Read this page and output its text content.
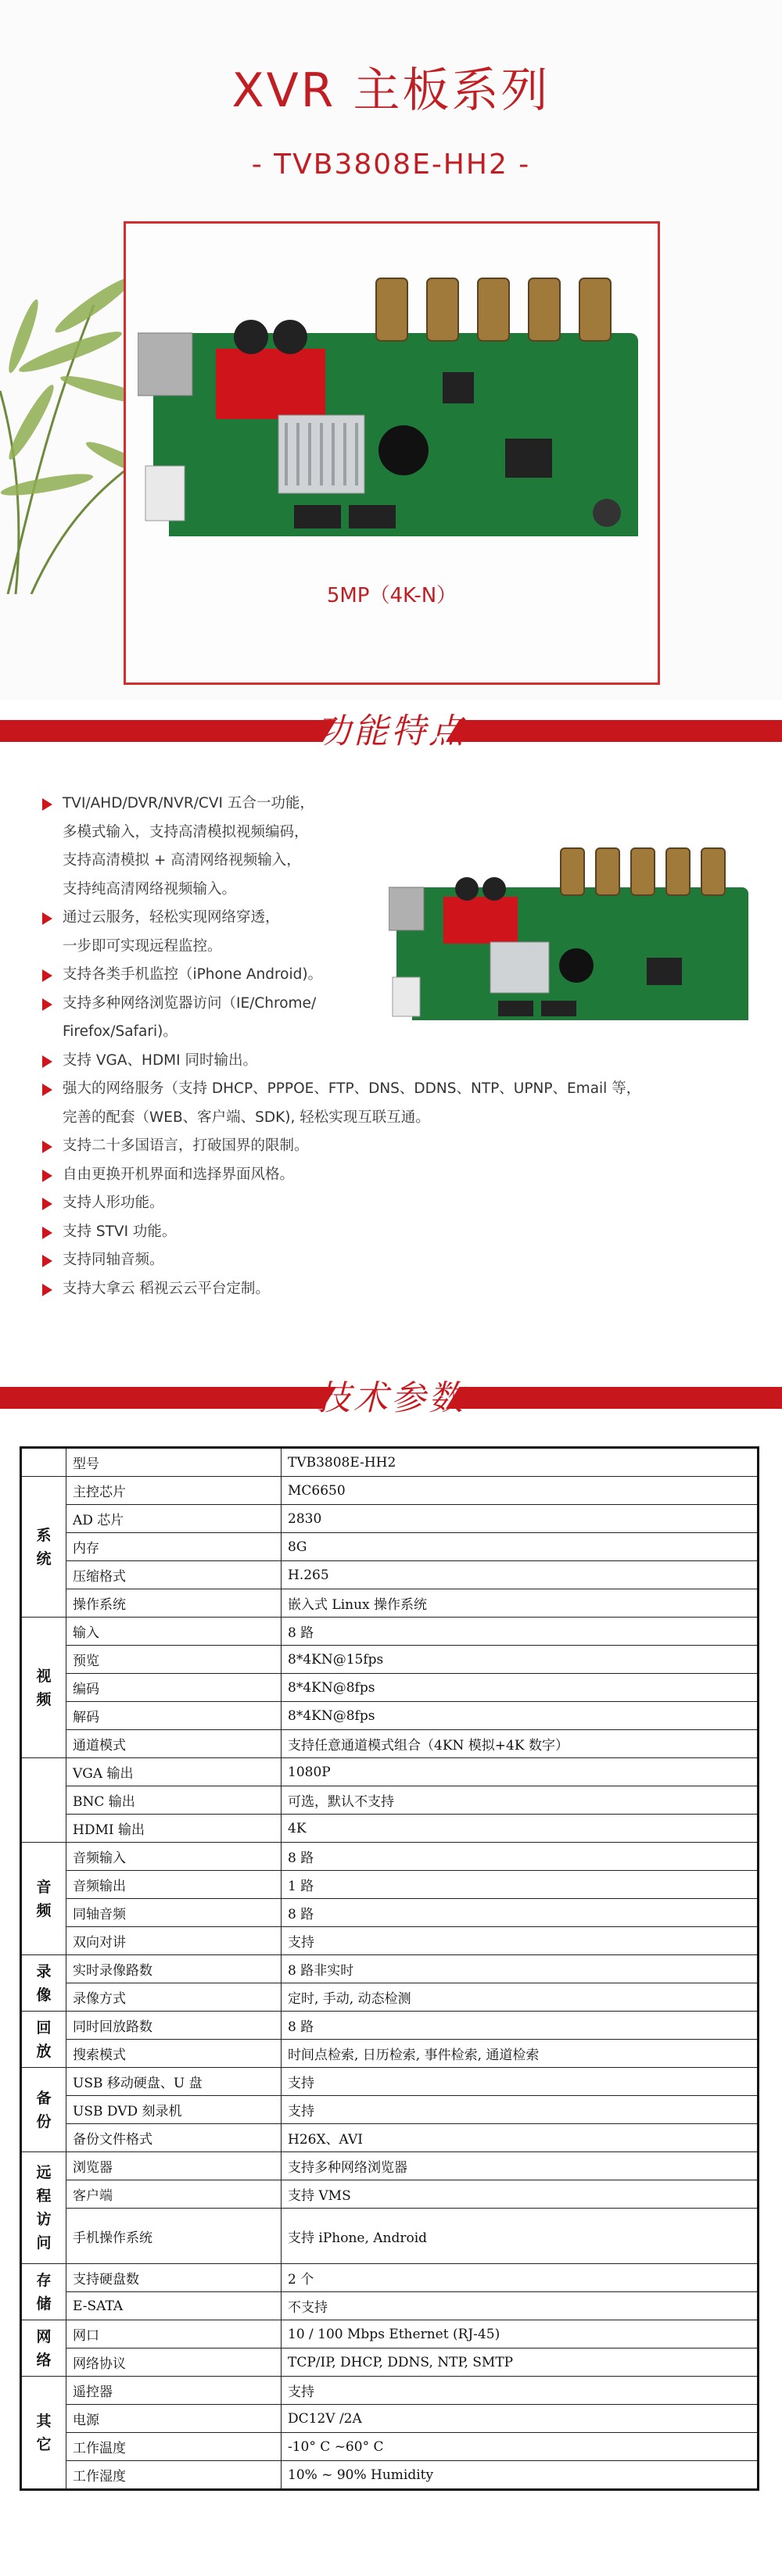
XVR 主板系列
- TVB3808E-HH2 -
5MP（4K-N）
功能特点
TVI/AHD/DVR/NVR/CVI 五合一功能，
多模式输入，支持高清模拟视频编码，
支持高清模拟 + 高清网络视频输入，
支持纯高清网络视频输入。
通过云服务，轻松实现网络穿透，
一步即可实现远程监控。
支持各类手机监控（iPhone Android)。
支持多种网络浏览器访问（IE/Chrome/
Firefox/Safari)。
支持 VGA、HDMI 同时输出。
强大的网络服务（支持 DHCP、PPPOE、FTP、DNS、DDNS、NTP、UPNP、Email 等，
完善的配套（WEB、客户端、SDK), 轻松实现互联互通。
支持二十多国语言，打破国界的限制。
自由更换开机界面和选择界面风格。
支持人形功能。
支持 STVI 功能。
支持同轴音频。
支持大拿云 稻视云云平台定制。
技术参数
	型号	TVB3808E-HH2
系统	主控芯片	MC6650
	AD 芯片	2830
	内存	8G
	压缩格式	H.265
	操作系统	嵌入式 Linux 操作系统
视频	输入	8 路
	预览	8*4KN@15fps
	编码	8*4KN@8fps
	解码	8*4KN@8fps
	通道模式	支持任意通道模式组合（4KN 模拟+4K 数字）
	VGA 输出	1080P
	BNC 输出	可选，默认不支持
	HDMI 输出	4K
音频	音频输入	8 路
	音频输出	1 路
	同轴音频	8 路
	双向对讲	支持
录像	实时录像路数	8 路非实时
	录像方式	定时, 手动, 动态检测
回放	同时回放路数	8 路
	搜索模式	时间点检索, 日历检索, 事件检索, 通道检索
备份	USB 移动硬盘、U 盘	支持
	USB DVD 刻录机	支持
	备份文件格式	H26X、AVI
远程访问	浏览器	支持多种网络浏览器
	客户端	支持 VMS
	手机操作系统	支持 iPhone, Android
存储	支持硬盘数	2 个
	E-SATA	不支持
网络	网口	10 / 100 Mbps Ethernet (RJ-45)
	网络协议	TCP/IP, DHCP, DDNS, NTP, SMTP
其它	遥控器	支持
	电源	DC12V /2A
	工作温度	-10° C ~60° C
	工作湿度	10% ~ 90% Humidity
